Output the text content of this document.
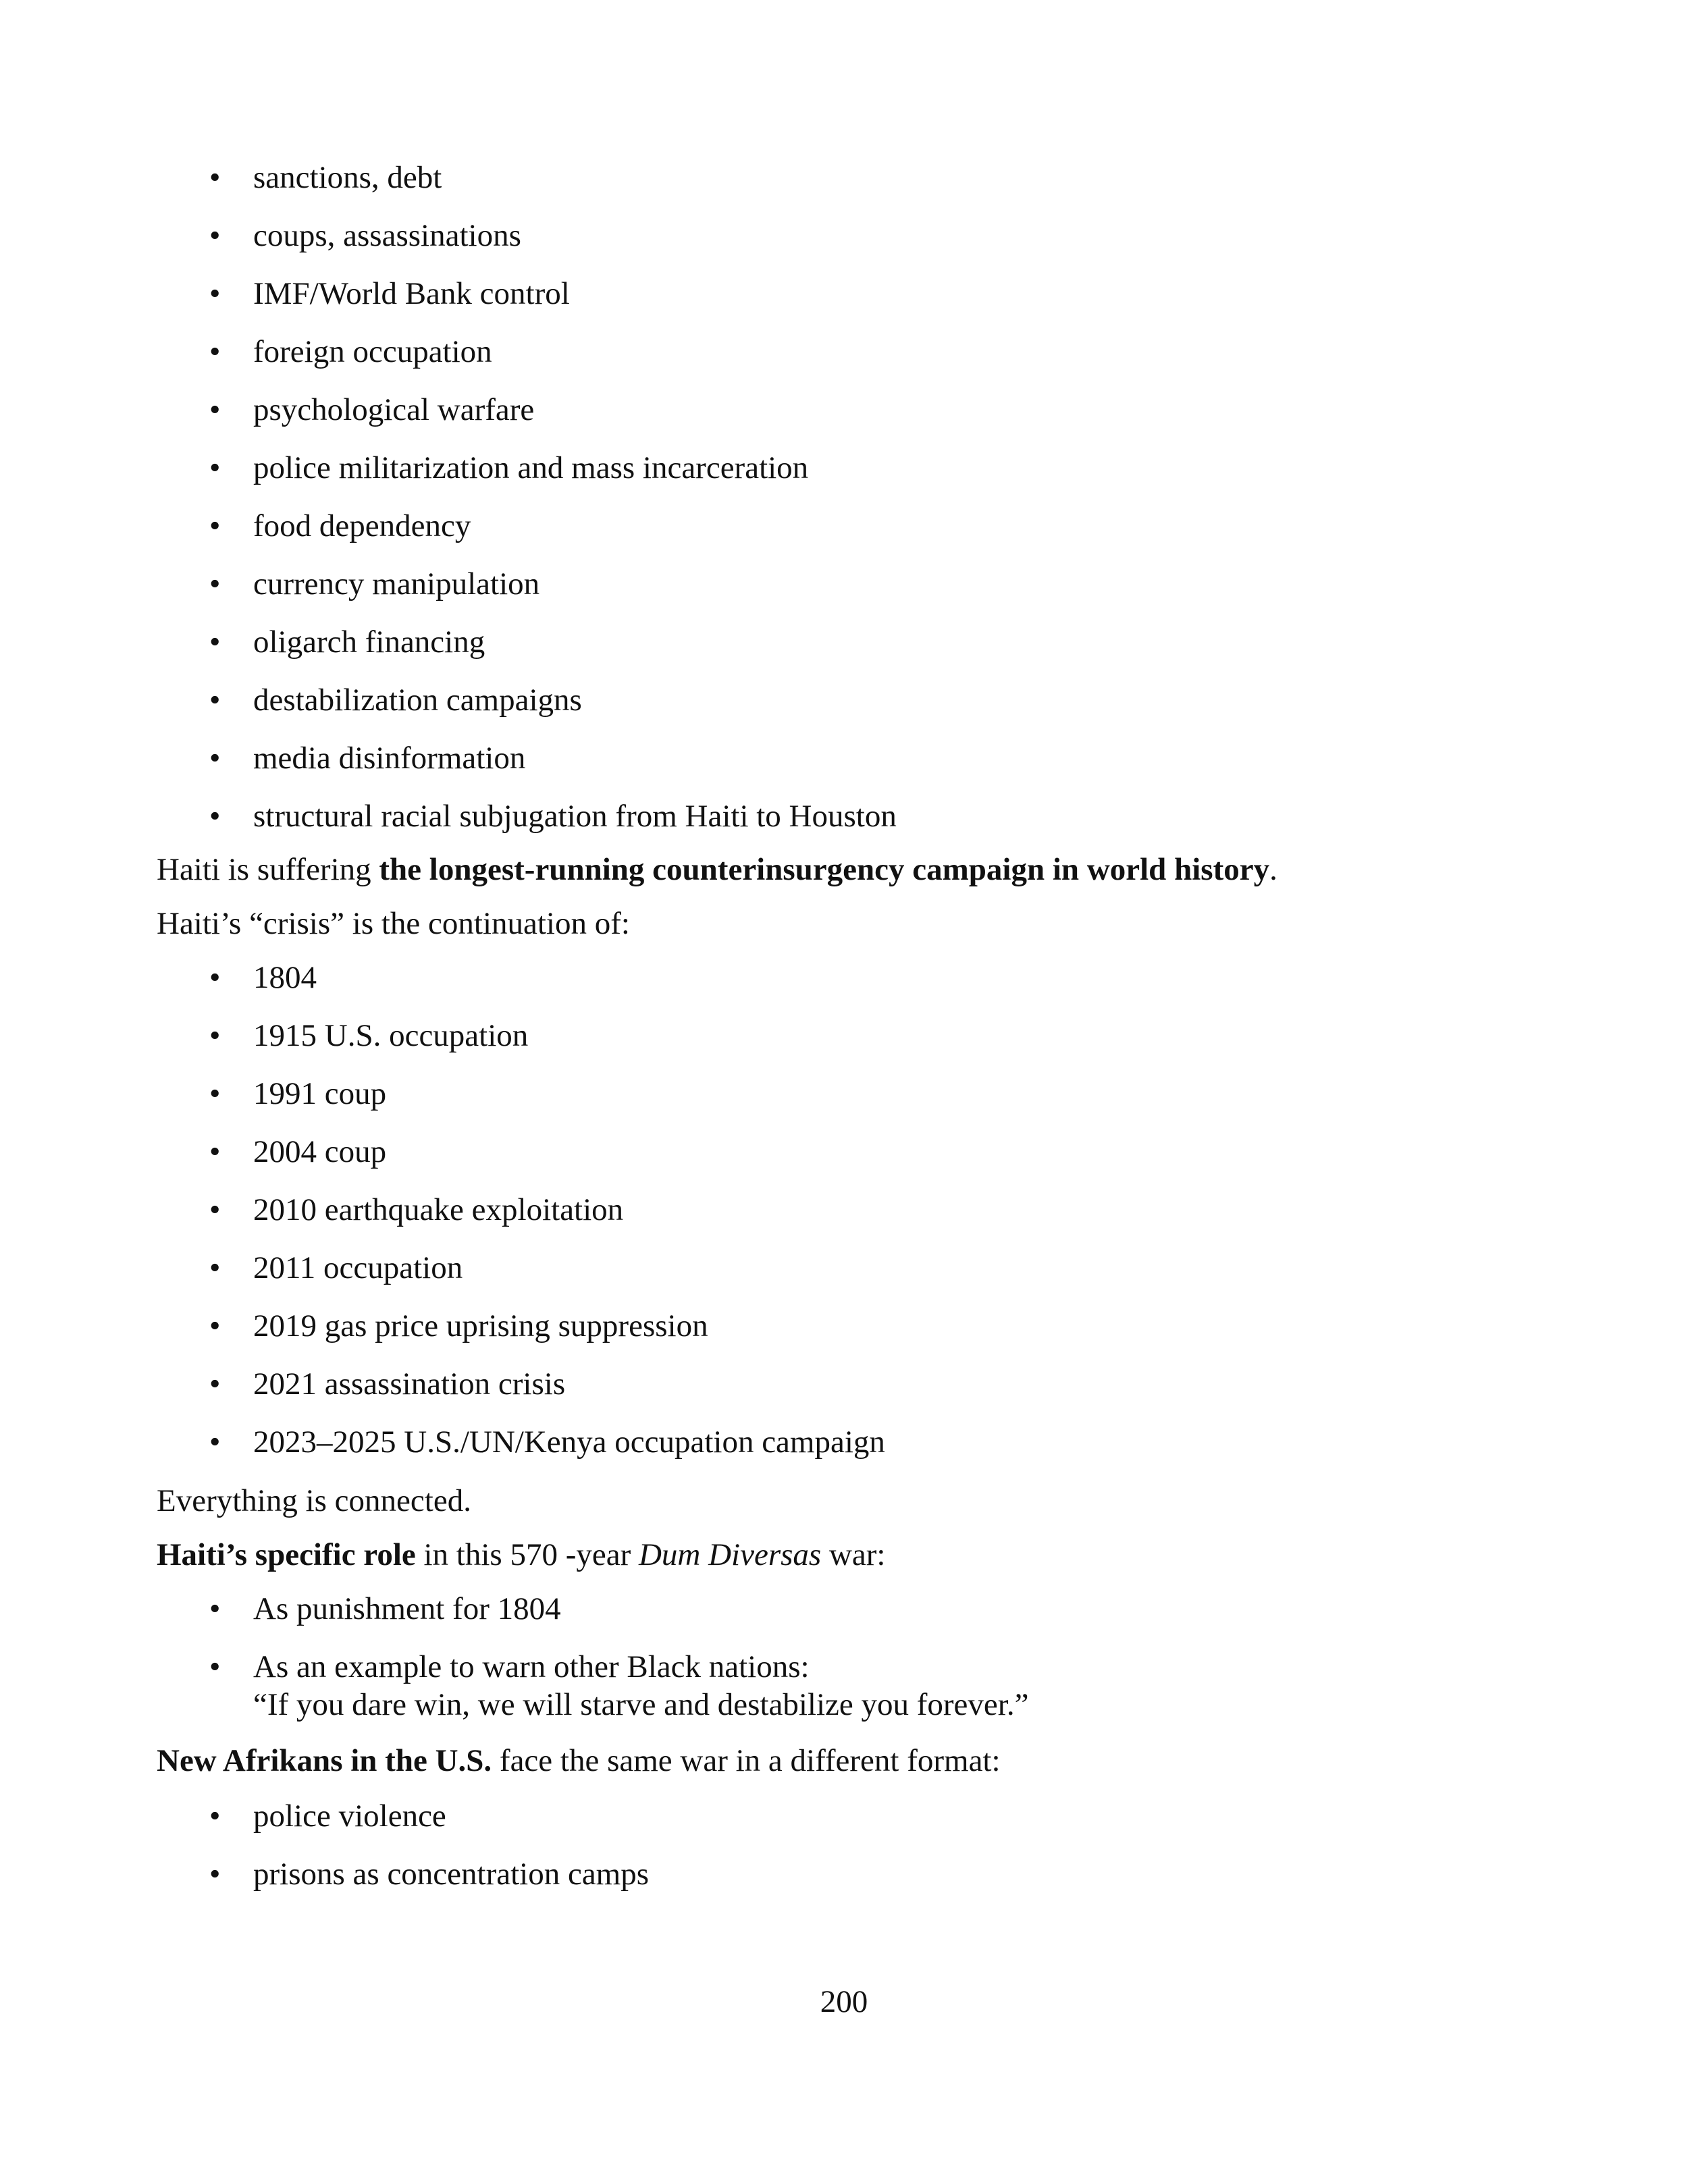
• sanctions, debt
• coups, assassinations
• IMF/World Bank control
• foreign occupation
• psychological warfare
• police militarization and mass incarceration
• food dependency
• currency manipulation
• oligarch financing
• destabilization campaigns
• media disinformation
• structural racial subjugation from Haiti to Houston
Haiti is suffering the longest-running counterinsurgency campaign in world history.
Haiti’s “crisis” is the continuation of:
• 1804
• 1915 U.S. occupation
• 1991 coup
• 2004 coup
• 2010 earthquake exploitation
• 2011 occupation
• 2019 gas price uprising suppression
• 2021 assassination crisis
• 2023–2025 U.S./UN/Kenya occupation campaign
Everything is connected.
Haiti’s specific role in this 570 -year Dum Diversas war:
• As punishment for 1804
• As an example to warn other Black nations:
“If you dare win, we will starve and destabilize you forever.”
New Afrikans in the U.S. face the same war in a different format:
• police violence
• prisons as concentration camps
200
